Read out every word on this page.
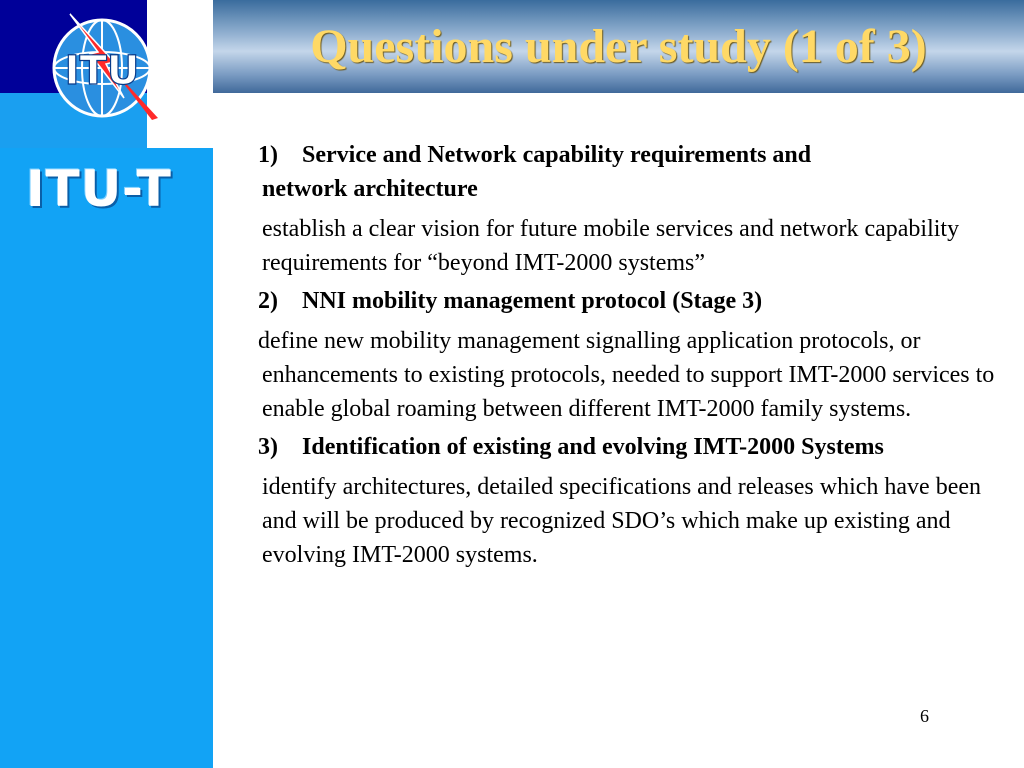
ITU
ITU-T
Questions under study (1 of 3)

1) Service and Network capability requirements and
network architecture

establish a clear vision for future mobile services and network capability requirements for “beyond IMT-2000 systems”

2) NNI mobility management protocol (Stage 3)

define new mobility management signalling application protocols, or enhancements to existing protocols, needed to support IMT-2000 services to enable global roaming between different IMT-2000 family systems.

3) Identification of existing and evolving IMT-2000 Systems

identify architectures, detailed specifications and releases which have been and will be produced by recognized SDO’s which make up existing and evolving IMT-2000 systems.

6
